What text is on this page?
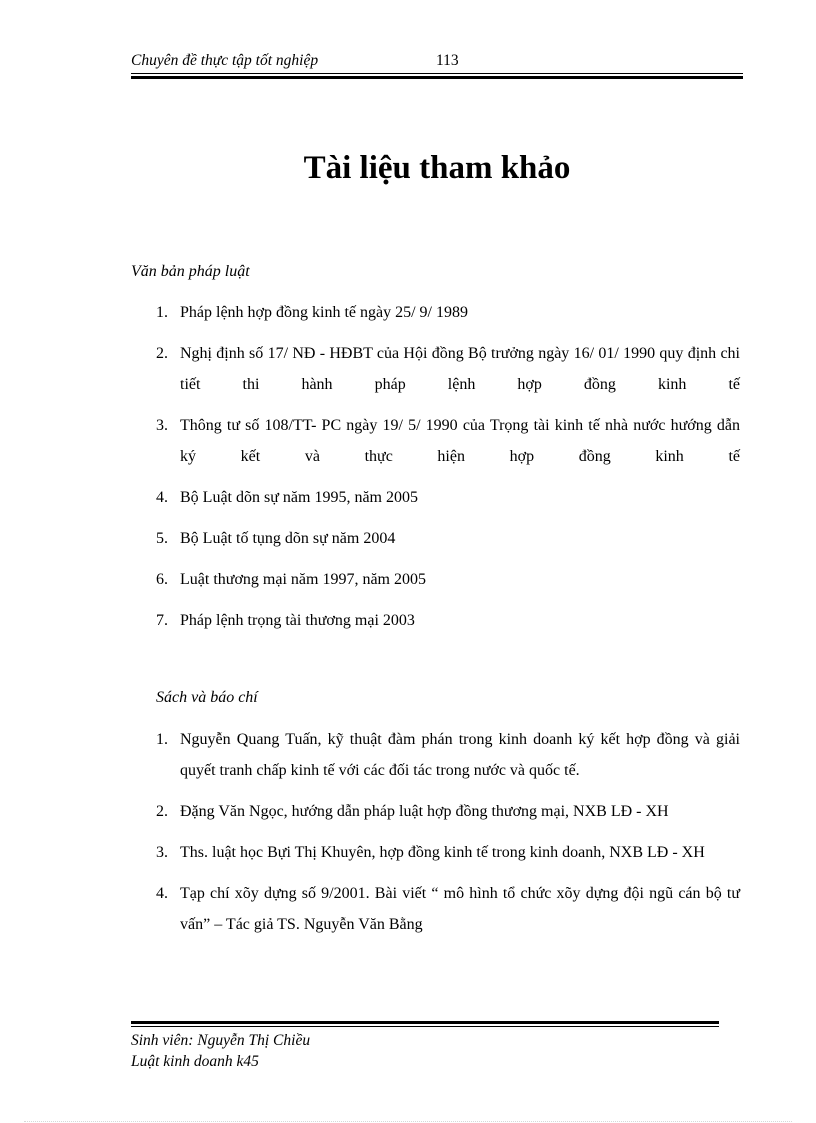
Chuyên đề thực tập tốt nghiệp	113
Tài liệu tham khảo
Văn bản pháp luật
1. Pháp lệnh hợp đồng kinh tế ngày 25/ 9/ 1989
2. Nghị định số 17/ NĐ - HĐBT của Hội đồng Bộ trưởng ngày 16/ 01/ 1990 quy định chi tiết thi hành pháp lệnh hợp đồng kinh tế
3. Thông tư số 108/TT- PC ngày 19/ 5/ 1990 của Trọng tài kinh tế nhà nước hướng dẫn ký kết và thực hiện hợp đồng kinh tế
4. Bộ Luật dõn sự năm 1995, năm 2005
5. Bộ Luật tố tụng dõn sự năm 2004
6. Luật thương mại năm 1997, năm 2005
7. Pháp lệnh trọng tài thương mại 2003
Sách và báo chí
1. Nguyễn Quang Tuấn, kỹ thuật đàm phán trong kinh doanh ký kết hợp đồng và giải quyết tranh chấp kinh tế với các đối tác trong nước và quốc tế.
2. Đặng Văn Ngọc, hướng dẫn pháp luật hợp đồng thương mại, NXB LĐ - XH
3. Ths. luật học Bựi Thị Khuyên, hợp đồng kinh tế trong kinh doanh, NXB LĐ - XH
4. Tạp chí xõy dựng số 9/2001. Bài viết “ mô hình tổ chức xõy dựng đội ngũ cán bộ tư vấn” – Tác giả TS. Nguyễn Văn Bằng
Sinh viên: Nguyễn Thị Chiều
Luật kinh doanh k45
